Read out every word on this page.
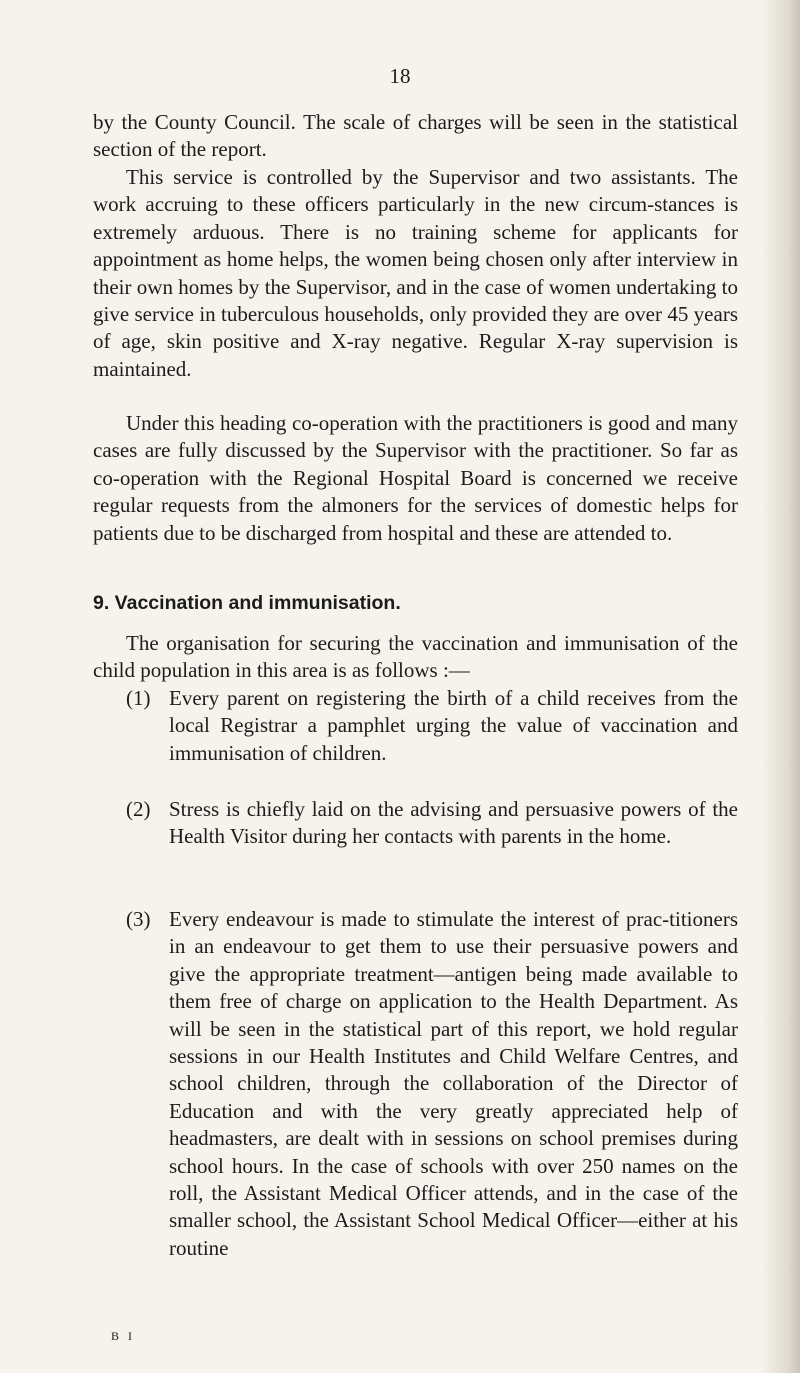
18

by the County Council. The scale of charges will be seen in the statistical section of the report.

This service is controlled by the Supervisor and two assistants. The work accruing to these officers particularly in the new circum-stances is extremely arduous. There is no training scheme for applicants for appointment as home helps, the women being chosen only after interview in their own homes by the Supervisor, and in the case of women undertaking to give service in tuberculous households, only provided they are over 45 years of age, skin positive and X-ray negative. Regular X-ray supervision is maintained.

Under this heading co-operation with the practitioners is good and many cases are fully discussed by the Supervisor with the practitioner. So far as co-operation with the Regional Hospital Board is concerned we receive regular requests from the almoners for the services of domestic helps for patients due to be discharged from hospital and these are attended to.

9. Vaccination and immunisation.

The organisation for securing the vaccination and immunisation of the child population in this area is as follows :—

(1) Every parent on registering the birth of a child receives from the local Registrar a pamphlet urging the value of vaccination and immunisation of children.

(2) Stress is chiefly laid on the advising and persuasive powers of the Health Visitor during her contacts with parents in the home.

(3) Every endeavour is made to stimulate the interest of prac-titioners in an endeavour to get them to use their persuasive powers and give the appropriate treatment—antigen being made available to them free of charge on application to the Health Department. As will be seen in the statistical part of this report, we hold regular sessions in our Health Institutes and Child Welfare Centres, and school children, through the collaboration of the Director of Education and with the very greatly appreciated help of headmasters, are dealt with in sessions on school premises during school hours. In the case of schools with over 250 names on the roll, the Assistant Medical Officer attends, and in the case of the smaller school, the Assistant School Medical Officer—either at his routine

B I
